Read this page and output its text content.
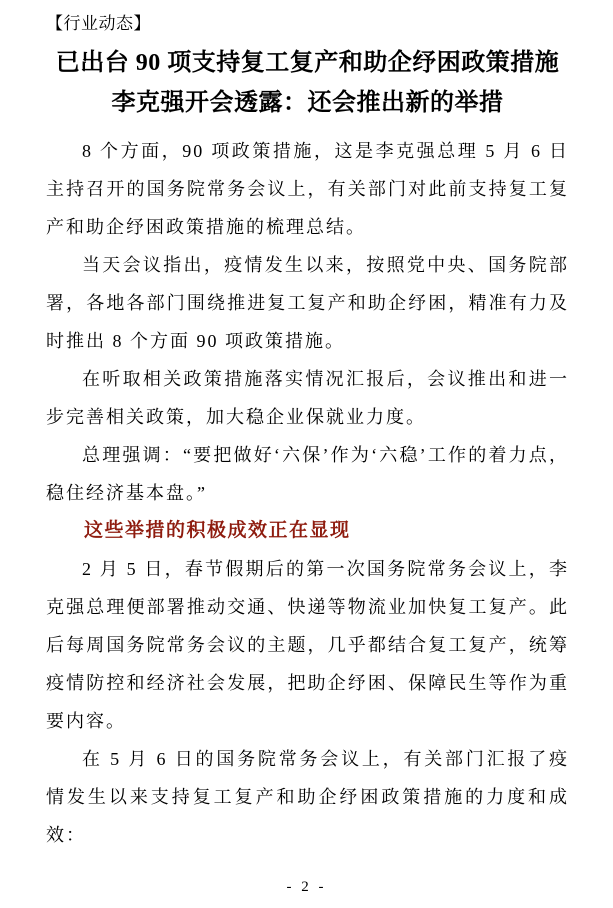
【行业动态】
已出台 90 项支持复工复产和助企纾困政策措施
李克强开会透露：还会推出新的举措

8 个方面，90 项政策措施，这是李克强总理 5 月 6 日主持召开的国务院常务会议上，有关部门对此前支持复工复产和助企纾困政策措施的梳理总结。

当天会议指出，疫情发生以来，按照党中央、国务院部署，各地各部门围绕推进复工复产和助企纾困，精准有力及时推出 8 个方面 90 项政策措施。

在听取相关政策措施落实情况汇报后，会议推出和进一步完善相关政策，加大稳企业保就业力度。

总理强调：“要把做好‘六保’作为‘六稳’工作的着力点，稳住经济基本盘。”

这些举措的积极成效正在显现

2 月 5 日，春节假期后的第一次国务院常务会议上，李克强总理便部署推动交通、快递等物流业加快复工复产。此后每周国务院常务会议的主题，几乎都结合复工复产，统筹疫情防控和经济社会发展，把助企纾困、保障民生等作为重要内容。

在 5 月 6 日的国务院常务会议上，有关部门汇报了疫情发生以来支持复工复产和助企纾困政策措施的力度和成效：

- 2 -
